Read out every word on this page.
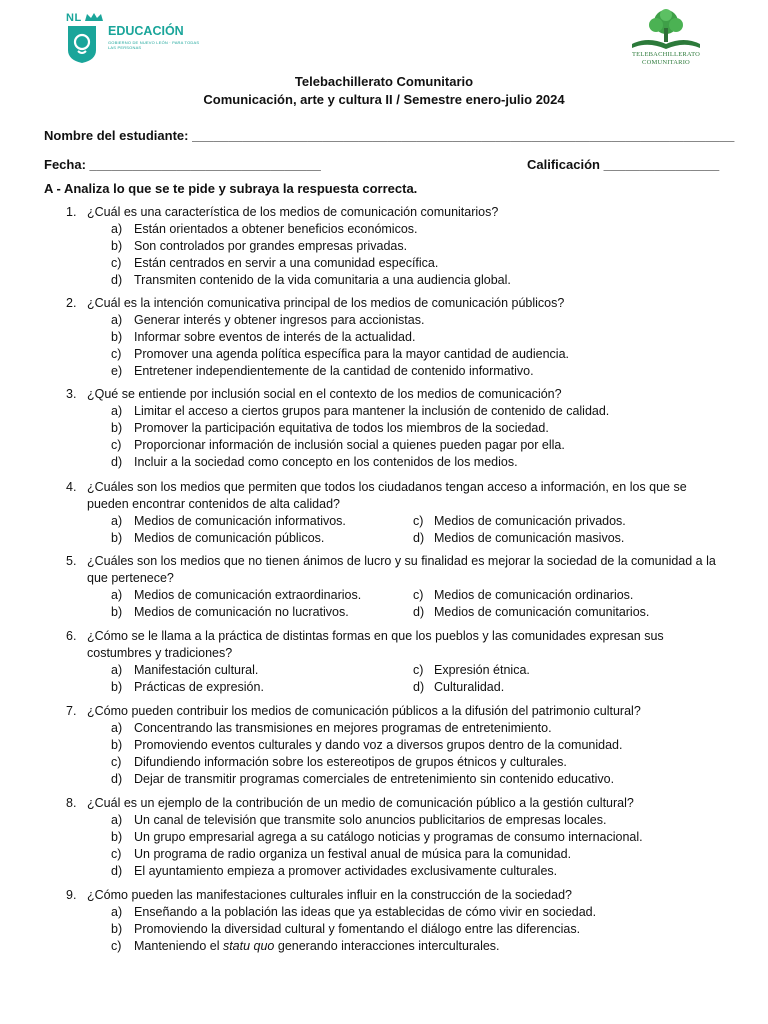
NL
EDUCACIÓN
GOBIERNO DE NUEVO LEÓN · PARA TODAS LAS PERSONAS
TELEBACHILLERATO
COMUNITARIO
Telebachillerato Comunitario
Comunicación, arte y cultura II / Semestre enero-julio 2024
Nombre del estudiante: ___________________________________________________________________________
Fecha: ________________________________	Calificación ________________
A - Analiza lo que se te pide y subraya la respuesta correcta.
1. ¿Cuál es una característica de los medios de comunicación comunitarios?
a) Están orientados a obtener beneficios económicos.
b) Son controlados por grandes empresas privadas.
c) Están centrados en servir a una comunidad específica.
d) Transmiten contenido de la vida comunitaria a una audiencia global.
2. ¿Cuál es la intención comunicativa principal de los medios de comunicación públicos?
a) Generar interés y obtener ingresos para accionistas.
b) Informar sobre eventos de interés de la actualidad.
c) Promover una agenda política específica para la mayor cantidad de audiencia.
e) Entretener independientemente de la cantidad de contenido informativo.
3. ¿Qué se entiende por inclusión social en el contexto de los medios de comunicación?
a) Limitar el acceso a ciertos grupos para mantener la inclusión de contenido de calidad.
b) Promover la participación equitativa de todos los miembros de la sociedad.
c) Proporcionar información de inclusión social a quienes pueden pagar por ella.
d) Incluir a la sociedad como concepto en los contenidos de los medios.
4. ¿Cuáles son los medios que permiten que todos los ciudadanos tengan acceso a información, en los que se pueden encontrar contenidos de alta calidad?
a) Medios de comunicación informativos.	c) Medios de comunicación privados.
b) Medios de comunicación públicos.	d) Medios de comunicación masivos.
5. ¿Cuáles son los medios que no tienen ánimos de lucro y su finalidad es mejorar la sociedad de la comunidad a la que pertenece?
a) Medios de comunicación extraordinarios.	c) Medios de comunicación ordinarios.
b) Medios de comunicación no lucrativos.	d) Medios de comunicación comunitarios.
6. ¿Cómo se le llama a la práctica de distintas formas en que los pueblos y las comunidades expresan sus costumbres y tradiciones?
a) Manifestación cultural.	c) Expresión étnica.
b) Prácticas de expresión.	d) Culturalidad.
7. ¿Cómo pueden contribuir los medios de comunicación públicos a la difusión del patrimonio cultural?
a) Concentrando las transmisiones en mejores programas de entretenimiento.
b) Promoviendo eventos culturales y dando voz a diversos grupos dentro de la comunidad.
c) Difundiendo información sobre los estereotipos de grupos étnicos y culturales.
d) Dejar de transmitir programas comerciales de entretenimiento sin contenido educativo.
8. ¿Cuál es un ejemplo de la contribución de un medio de comunicación público a la gestión cultural?
a) Un canal de televisión que transmite solo anuncios publicitarios de empresas locales.
b) Un grupo empresarial agrega a su catálogo noticias y programas de consumo internacional.
c) Un programa de radio organiza un festival anual de música para la comunidad.
d) El ayuntamiento empieza a promover actividades exclusivamente culturales.
9. ¿Cómo pueden las manifestaciones culturales influir en la construcción de la sociedad?
a) Enseñando a la población las ideas que ya establecidas de cómo vivir en sociedad.
b) Promoviendo la diversidad cultural y fomentando el diálogo entre las diferencias.
c) Manteniendo el statu quo generando interacciones interculturales.
